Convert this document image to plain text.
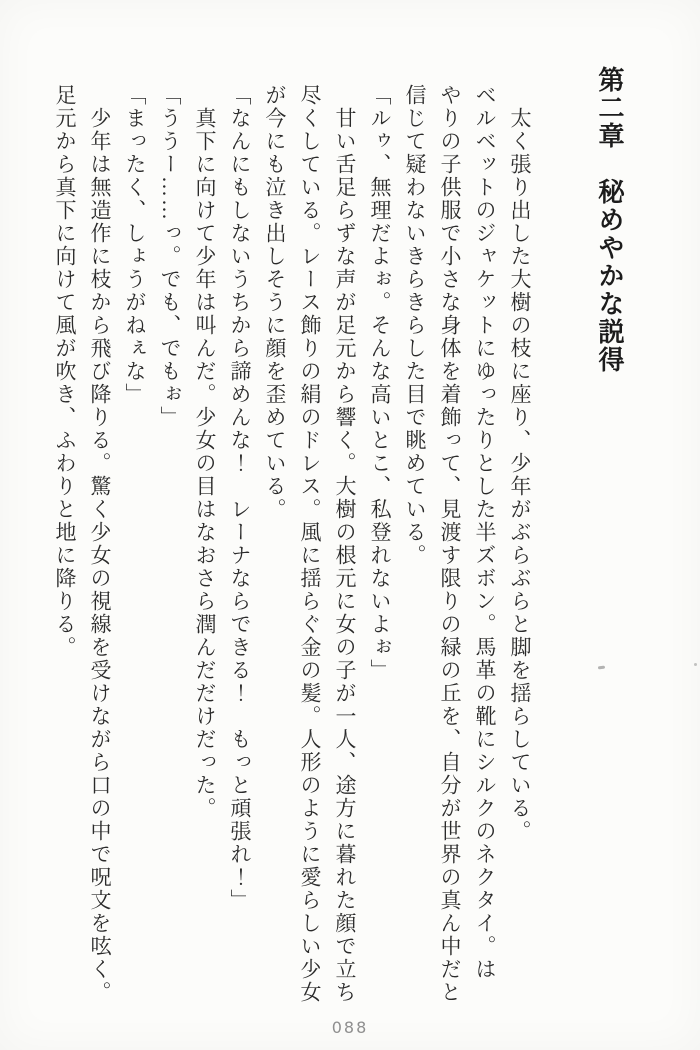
第二章　秘めやかな説得

　太く張り出した大樹の枝に座り、少年がぶらぶらと脚を揺らしている。

ベルベットのジャケットにゆったりとした半ズボン。馬革の靴にシルクのネクタイ。は

やりの子供服で小さな身体を着飾って、見渡す限りの緑の丘を、自分が世界の真ん中だと

信じて疑わないきらきらした目で眺めている。

「ルゥ、無理だよぉ。そんな高いとこ、私登れないよぉ」

　甘い舌足らずな声が足元から響く。大樹の根元に女の子が一人、途方に暮れた顔で立ち

尽くしている。レース飾りの絹のドレス。風に揺らぐ金の髪。人形のように愛らしい少女

が今にも泣き出しそうに顔を歪めている。

「なんにもしないうちから諦めんな！　レーナならできる！　もっと頑張れ！」

　真下に向けて少年は叫んだ。少女の目はなおさら潤んだだけだった。

「ううー……っ。でも、でもぉ」

「まったく、しょうがねぇな」

　少年は無造作に枝から飛び降りる。驚く少女の視線を受けながら口の中で呪文を呟く。

足元から真下に向けて風が吹き、ふわりと地に降りる。

088
